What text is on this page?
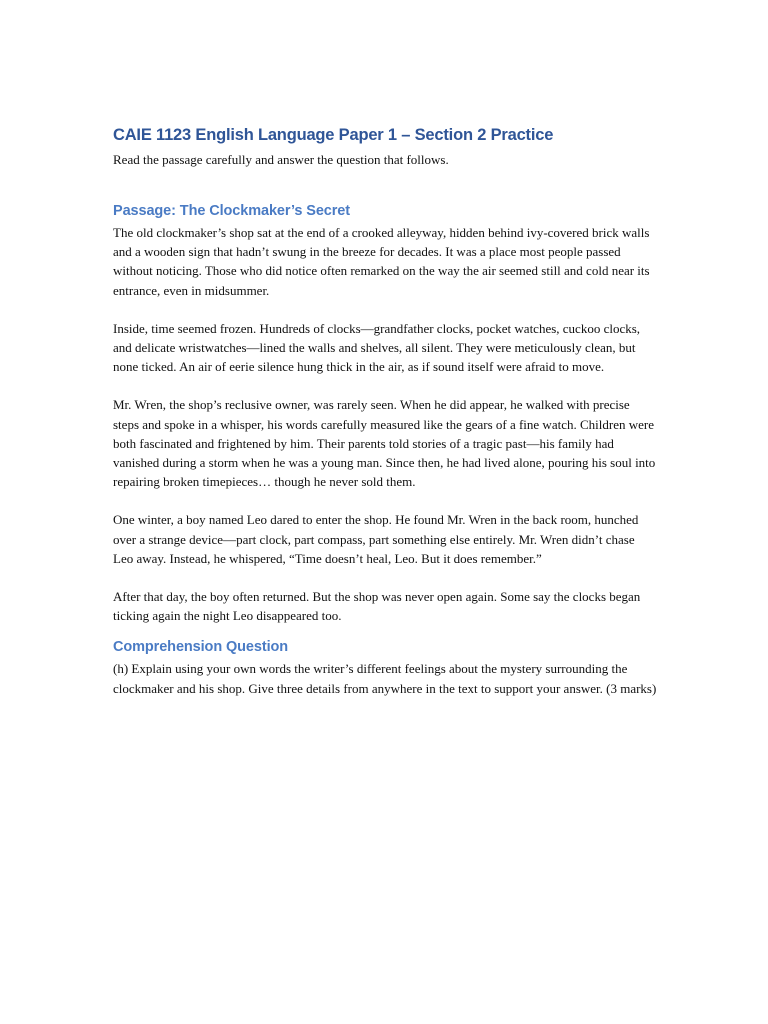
CAIE 1123 English Language Paper 1 – Section 2 Practice

Read the passage carefully and answer the question that follows.

Passage: The Clockmaker’s Secret

The old clockmaker’s shop sat at the end of a crooked alleyway, hidden behind ivy-covered brick walls and a wooden sign that hadn’t swung in the breeze for decades. It was a place most people passed without noticing. Those who did notice often remarked on the way the air seemed still and cold near its entrance, even in midsummer.

Inside, time seemed frozen. Hundreds of clocks—grandfather clocks, pocket watches, cuckoo clocks, and delicate wristwatches—lined the walls and shelves, all silent. They were meticulously clean, but none ticked. An air of eerie silence hung thick in the air, as if sound itself were afraid to move.

Mr. Wren, the shop’s reclusive owner, was rarely seen. When he did appear, he walked with precise steps and spoke in a whisper, his words carefully measured like the gears of a fine watch. Children were both fascinated and frightened by him. Their parents told stories of a tragic past—his family had vanished during a storm when he was a young man. Since then, he had lived alone, pouring his soul into repairing broken timepieces… though he never sold them.

One winter, a boy named Leo dared to enter the shop. He found Mr. Wren in the back room, hunched over a strange device—part clock, part compass, part something else entirely. Mr. Wren didn’t chase Leo away. Instead, he whispered, “Time doesn’t heal, Leo. But it does remember.”

After that day, the boy often returned. But the shop was never open again. Some say the clocks began ticking again the night Leo disappeared too.

Comprehension Question

(h) Explain using your own words the writer’s different feelings about the mystery surrounding the clockmaker and his shop. Give three details from anywhere in the text to support your answer. (3 marks)
